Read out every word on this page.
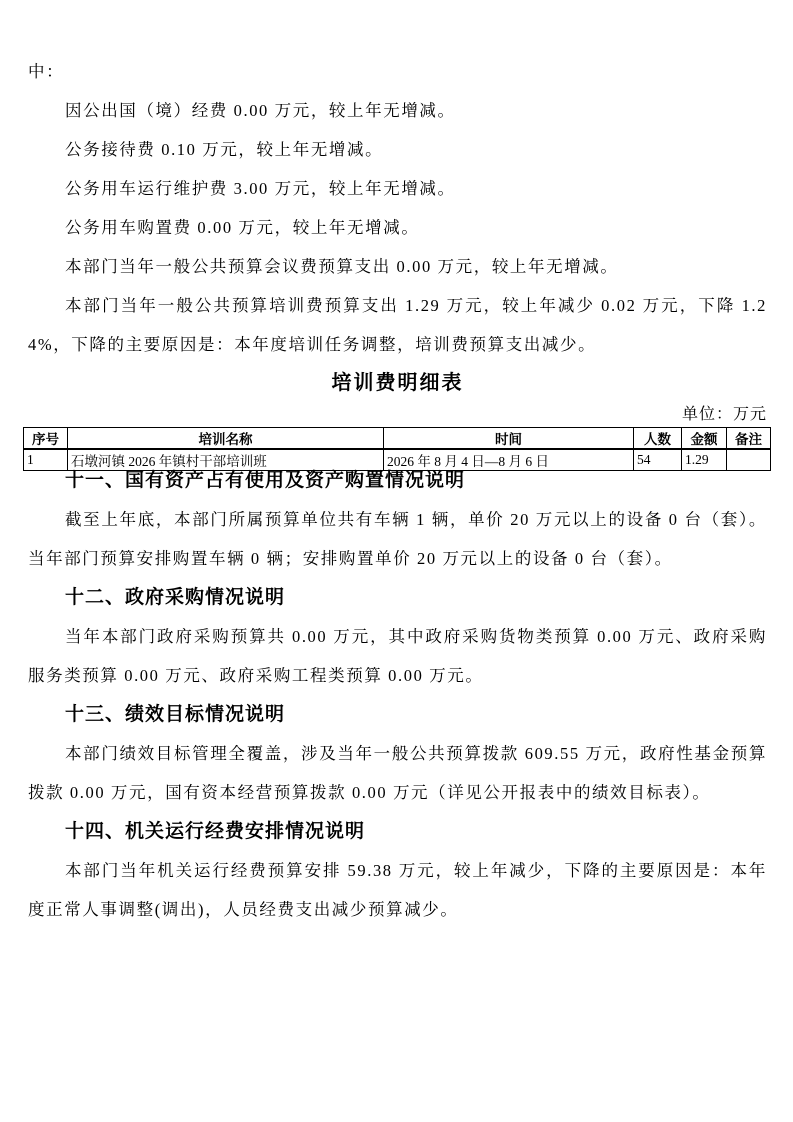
中：

因公出国（境）经费 0.00 万元，较上年无增减。

公务接待费 0.10 万元，较上年无增减。

公务用车运行维护费 3.00 万元，较上年无增减。

公务用车购置费 0.00 万元，较上年无增减。

本部门当年一般公共预算会议费预算支出 0.00 万元，较上年无增减。

本部门当年一般公共预算培训费预算支出 1.29 万元，较上年减少 0.02 万元，下降 1.24%，下降的主要原因是：本年度培训任务调整，培训费预算支出减少。

培训费明细表
单位：万元
序号	培训名称	时间	人数	金额	备注
1	石墩河镇 2026 年镇村干部培训班	2026 年 8 月 4 日—8 月 6 日	54	1.29	
十一、国有资产占有使用及资产购置情况说明

截至上年底，本部门所属预算单位共有车辆 1 辆，单价 20 万元以上的设备 0 台（套）。当年部门预算安排购置车辆 0 辆；安排购置单价 20 万元以上的设备 0 台（套）。

十二、政府采购情况说明

当年本部门政府采购预算共 0.00 万元，其中政府采购货物类预算 0.00 万元、政府采购服务类预算 0.00 万元、政府采购工程类预算 0.00 万元。

十三、绩效目标情况说明

本部门绩效目标管理全覆盖，涉及当年一般公共预算拨款 609.55 万元，政府性基金预算拨款 0.00 万元，国有资本经营预算拨款 0.00 万元（详见公开报表中的绩效目标表）。

十四、机关运行经费安排情况说明

本部门当年机关运行经费预算安排 59.38 万元，较上年减少，下降的主要原因是：本年度正常人事调整(调出)，人员经费支出减少预算减少。
